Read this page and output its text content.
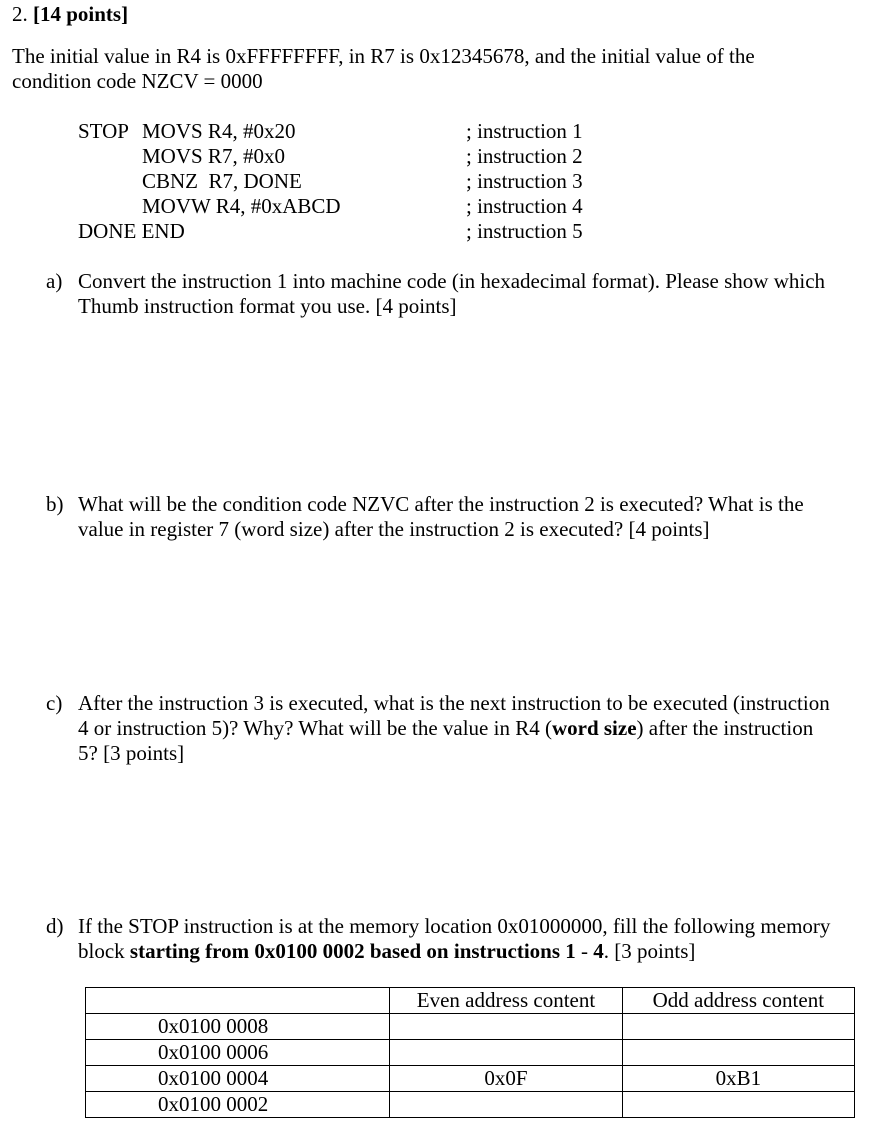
2. [14 points]
The initial value in R4 is 0xFFFFFFFF, in R7 is 0x12345678, and the initial value of the
condition code NZCV = 0000
STOP MOVS R4, #0x20	; instruction 1
MOVS R7, #0x0	; instruction 2
CBNZ  R7, DONE	; instruction 3
MOVW R4, #0xABCD	; instruction 4
DONE END	; instruction 5
a) Convert the instruction 1 into machine code (in hexadecimal format). Please show which
Thumb instruction format you use. [4 points]
b) What will be the condition code NZVC after the instruction 2 is executed? What is the
value in register 7 (word size) after the instruction 2 is executed? [4 points]
c) After the instruction 3 is executed, what is the next instruction to be executed (instruction
4 or instruction 5)? Why? What will be the value in R4 (word size) after the instruction
5? [3 points]
d) If the STOP instruction is at the memory location 0x01000000, fill the following memory
block starting from 0x0100 0002 based on instructions 1 - 4. [3 points]
	Even address content	Odd address content
0x0100 0008		
0x0100 0006		
0x0100 0004	0x0F	0xB1
0x0100 0002		
